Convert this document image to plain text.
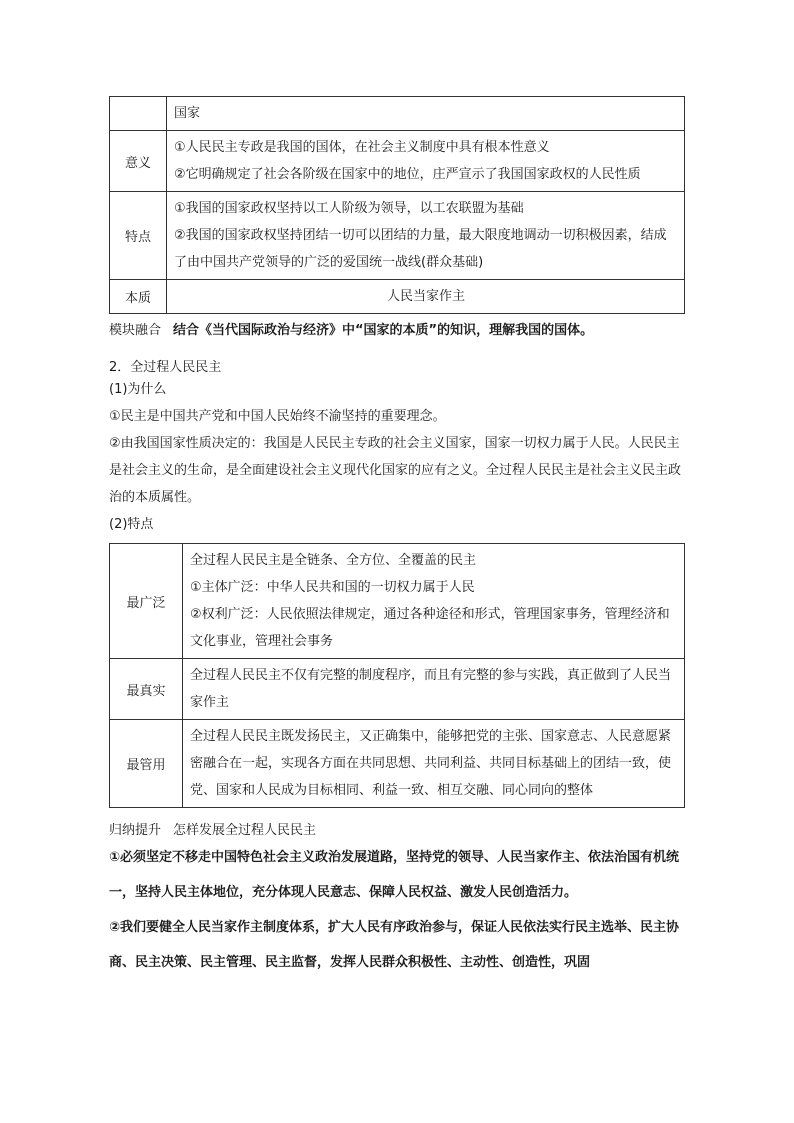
	国家

意义	①人民民主专政是我国的国体，在社会主义制度中具有根本性意义
②它明确规定了社会各阶级在国家中的地位，庄严宣示了我国国家政权的人民性质

特点	①我国的国家政权坚持以工人阶级为领导，以工农联盟为基础
②我国的国家政权坚持团结一切可以团结的力量，最大限度地调动一切积极因素，结成了由中国共产党领导的广泛的爱国统一战线(群众基础)

本质	人民当家作主
模块融合 结合《当代国际政治与经济》中“国家的本质”的知识，理解我国的国体。
2．全过程人民民主
(1)为什么
①民主是中国共产党和中国人民始终不渝坚持的重要理念。
②由我国国家性质决定的：我国是人民民主专政的社会主义国家，国家一切权力属于人民。人民民主是社会主义的生命，是全面建设社会主义现代化国家的应有之义。全过程人民民主是社会主义民主政治的本质属性。
(2)特点
最广泛	全过程人民民主是全链条、全方位、全覆盖的民主
①主体广泛：中华人民共和国的一切权力属于人民
②权利广泛：人民依照法律规定，通过各种途径和形式，管理国家事务，管理经济和文化事业，管理社会事务

最真实	全过程人民民主不仅有完整的制度程序，而且有完整的参与实践，真正做到了人民当家作主

最管用	全过程人民民主既发扬民主，又正确集中，能够把党的主张、国家意志、人民意愿紧密融合在一起，实现各方面在共同思想、共同利益、共同目标基础上的团结一致，使党、国家和人民成为目标相同、利益一致、相互交融、同心同向的整体
归纳提升 怎样发展全过程人民民主
①必须坚定不移走中国特色社会主义政治发展道路，坚持党的领导、人民当家作主、依法治国有机统一，坚持人民主体地位，充分体现人民意志、保障人民权益、激发人民创造活力。
②我们要健全人民当家作主制度体系，扩大人民有序政治参与，保证人民依法实行民主选举、民主协商、民主决策、民主管理、民主监督，发挥人民群众积极性、主动性、创造性，巩固
